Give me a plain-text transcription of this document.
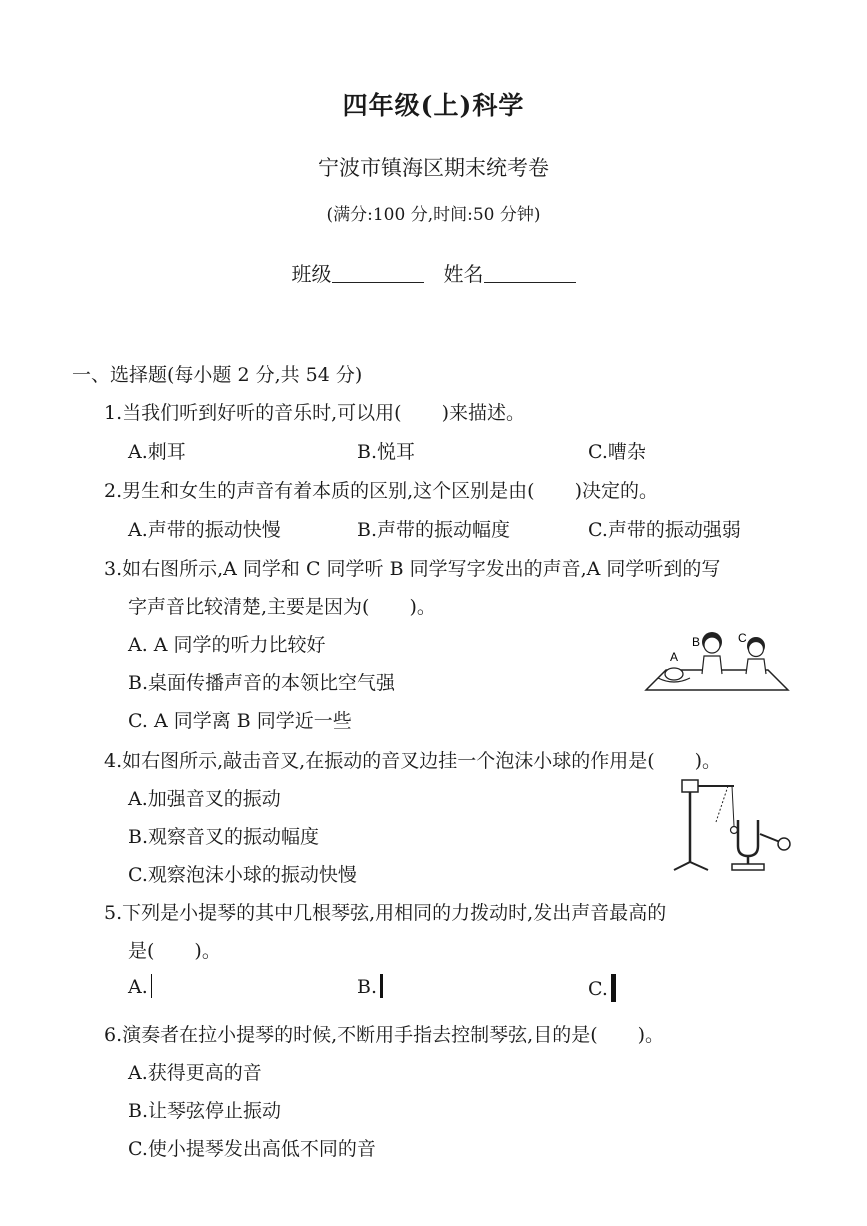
四年级(上)科学
宁波市镇海区期末统考卷
(满分:100 分,时间:50 分钟)
班级	姓名
一、选择题(每小题 2 分,共 54 分)
1.当我们听到好听的音乐时,可以用( )来描述。
A.刺耳	B.悦耳	C.嘈杂
2.男生和女生的声音有着本质的区别,这个区别是由( )决定的。
A.声带的振动快慢	B.声带的振动幅度	C.声带的振动强弱
3.如右图所示,A 同学和 C 同学听 B 同学写字发出的声音,A 同学听到的写
字声音比较清楚,主要是因为( )。
A. A 同学的听力比较好
B.桌面传播声音的本领比空气强
C. A 同学离 B 同学近一些
A
B	C
4.如右图所示,敲击音叉,在振动的音叉边挂一个泡沫小球的作用是( )。
A.加强音叉的振动
B.观察音叉的振动幅度
C.观察泡沫小球的振动快慢
5.下列是小提琴的其中几根琴弦,用相同的力拨动时,发出声音最高的
是( )。
A.	B.	C.
6.演奏者在拉小提琴的时候,不断用手指去控制琴弦,目的是( )。
A.获得更高的音
B.让琴弦停止振动
C.使小提琴发出高低不同的音
